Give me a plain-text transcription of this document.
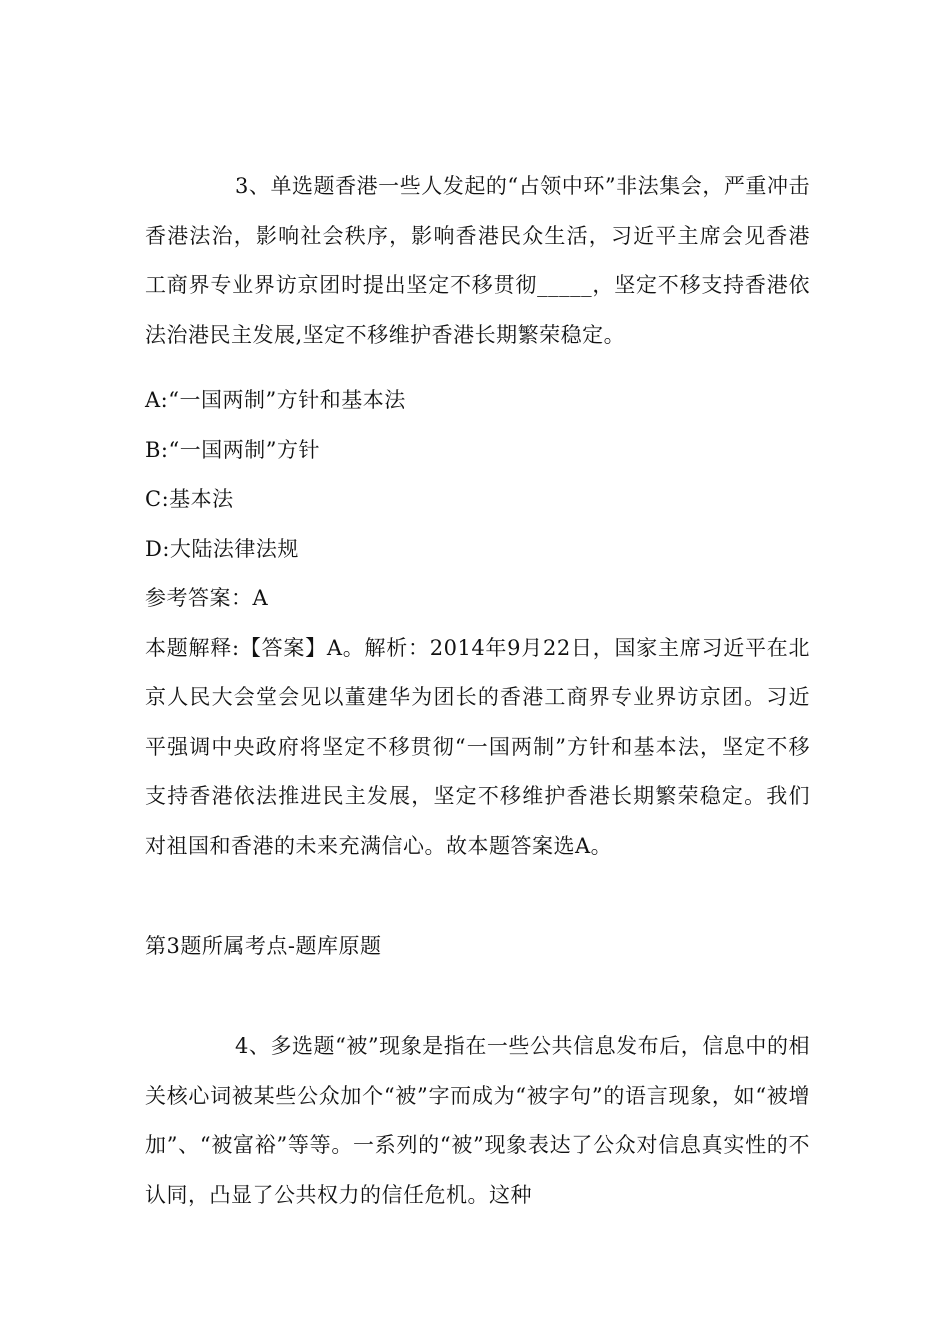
3、单选题香港一些人发起的“占领中环”非法集会，严重冲击香港法治，影响社会秩序，影响香港民众生活，习近平主席会见香港工商界专业界访京团时提出坚定不移贯彻_____，坚定不移支持香港依法治港民主发展,坚定不移维护香港长期繁荣稳定。

A:“一国两制”方针和基本法

B:“一国两制”方针

C:基本法

D:大陆法律法规

参考答案：A

本题解释:【答案】A。解析：2014年9月22日，国家主席习近平在北京人民大会堂会见以董建华为团长的香港工商界专业界访京团。习近平强调中央政府将坚定不移贯彻“一国两制”方针和基本法，坚定不移支持香港依法推进民主发展，坚定不移维护香港长期繁荣稳定。我们对祖国和香港的未来充满信心。故本题答案选A。

第3题所属考点-题库原题

4、多选题“被”现象是指在一些公共信息发布后，信息中的相关核心词被某些公众加个“被”字而成为“被字句”的语言现象，如“被增加”、“被富裕”等等。一系列的“被”现象表达了公众对信息真实性的不认同，凸显了公共权力的信任危机。这种
